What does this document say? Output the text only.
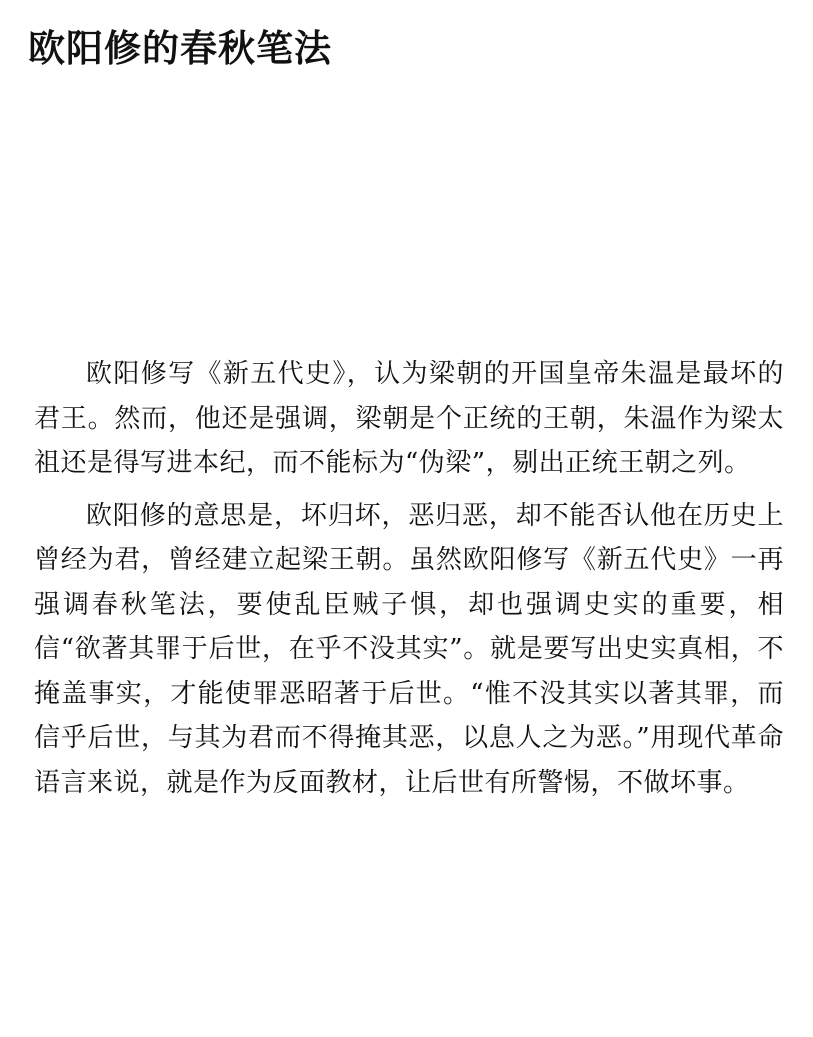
欧阳修的春秋笔法

欧阳修写《新五代史》，认为梁朝的开国皇帝朱温是最坏的君王。然而，他还是强调，梁朝是个正统的王朝，朱温作为梁太祖还是得写进本纪，而不能标为“伪梁”，剔出正统王朝之列。

欧阳修的意思是，坏归坏，恶归恶，却不能否认他在历史上曾经为君，曾经建立起梁王朝。虽然欧阳修写《新五代史》一再强调春秋笔法，要使乱臣贼子惧，却也强调史实的重要，相信“欲著其罪于后世，在乎不没其实”。就是要写出史实真相，不掩盖事实，才能使罪恶昭著于后世。“惟不没其实以著其罪，而信乎后世，与其为君而不得掩其恶，以息人之为恶。”用现代革命语言来说，就是作为反面教材，让后世有所警惕，不做坏事。
